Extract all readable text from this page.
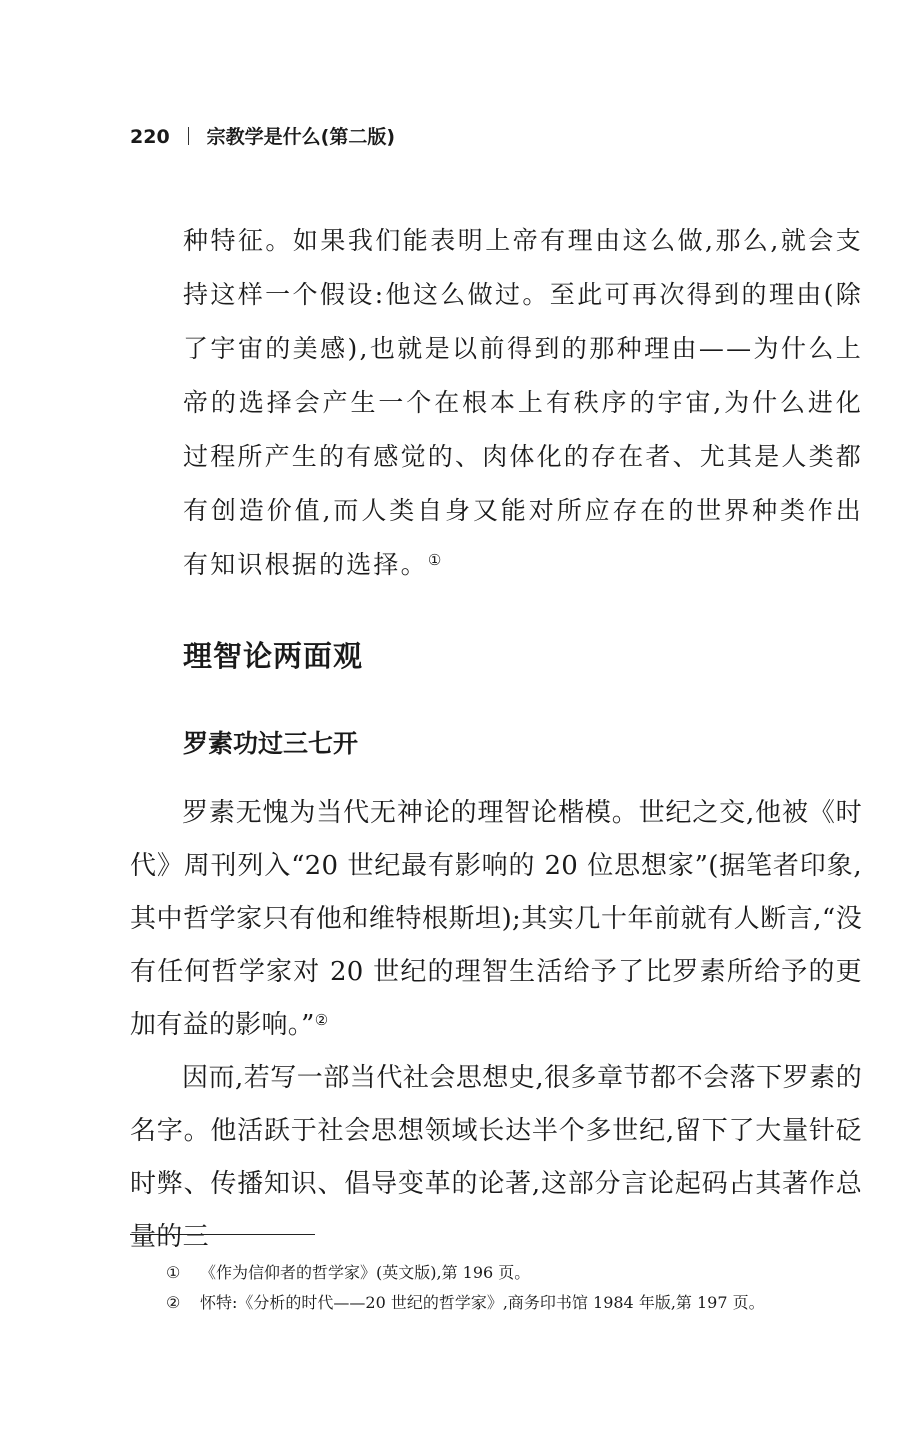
220 宗教学是什么(第二版)

种特征。如果我们能表明上帝有理由这么做,那么,就会支持这样一个假设:他这么做过。至此可再次得到的理由(除了宇宙的美感),也就是以前得到的那种理由——为什么上帝的选择会产生一个在根本上有秩序的宇宙,为什么进化过程所产生的有感觉的、肉体化的存在者、尤其是人类都有创造价值,而人类自身又能对所应存在的世界种类作出有知识根据的选择。①

理智论两面观
罗素功过三七开

罗素无愧为当代无神论的理智论楷模。世纪之交,他被《时代》周刊列入“20 世纪最有影响的 20 位思想家”(据笔者印象,其中哲学家只有他和维特根斯坦);其实几十年前就有人断言,“没有任何哲学家对 20 世纪的理智生活给予了比罗素所给予的更加有益的影响。”②

因而,若写一部当代社会思想史,很多章节都不会落下罗素的名字。他活跃于社会思想领域长达半个多世纪,留下了大量针砭时弊、传播知识、倡导变革的论著,这部分言论起码占其著作总量的三

① 《作为信仰者的哲学家》(英文版),第 196 页。

② 怀特:《分析的时代——20 世纪的哲学家》,商务印书馆 1984 年版,第 197 页。
